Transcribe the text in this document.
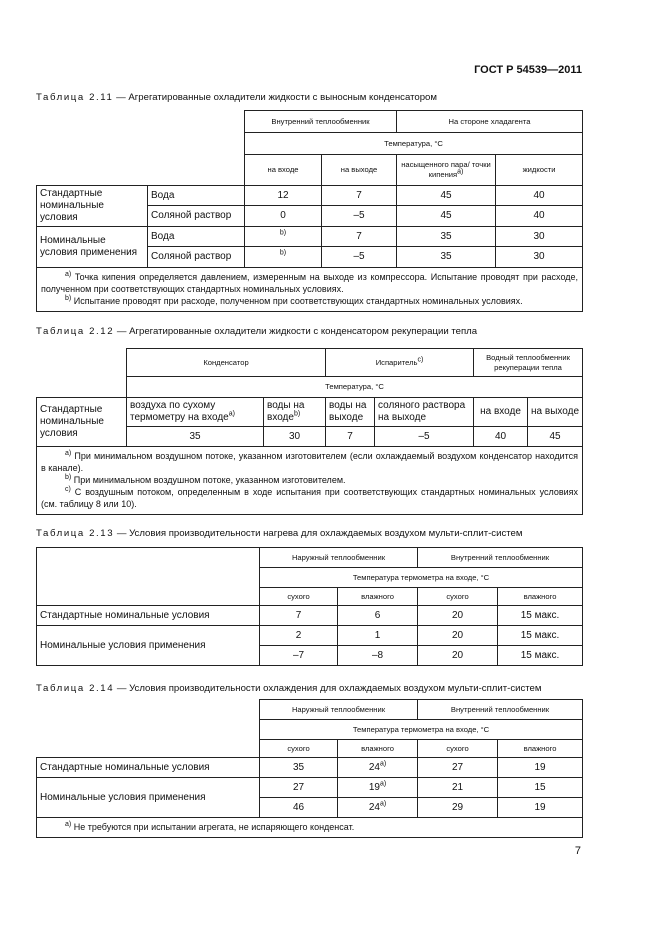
ГОСТ Р 54539—2011
Таблица 2.11 — Агрегатированные охладители жидкости с выносным конденсатором
		Внутренний теплообменник		На стороне хладагента	
		Температура, °С			
		на входе	на выходе	насыщенного пара/ точки кипения$^{а)}$	жидкости
Стандартные номинальные условия	Вода	12	7	45	40
	Соляной раствор	0	–5	45	40
Номинальные условия применения	Вода	$^{b)}$	7	35	30
	Соляной раствор	$^{b)}$	–5	35	30

$^{a)}$ Точка кипения определяется давлением, измеренным на выходе из компрессора. Испытание проводят при расходе, полученном при соответствующих стандартных номинальных условиях.

$^{b)}$ Испытание проводят при расходе, полученном при соответствующих стандартных номинальных условиях.					

Таблица 2.12 — Агрегатированные охладители жидкости с конденсатором рекуперации тепла
	Конденсатор		Испаритель$^{c)}$		Водный теплообменник рекуперации тепла	
	Температура, °С					
Стандартные номинальные условия	воздуха по сухому термометру на входе$^{a)}$	воды на входе$^{b)}$	воды на выходе	соляного раствора на выходе	на входе	на выходе
	35	30	7	–5	40	45

$^{a)}$ При минимальном воздушном потоке, указанном изготовителем (если охлаждаемый воздухом конденсатор находится в канале).

$^{b)}$ При минимальном воздушном потоке, указанном изготовителем.

$^{c)}$ С воздушным потоком, определенным в ходе испытания при соответствующих стандартных номинальных условиях (см. таблицу 8 или 10).						

Таблица 2.13 — Условия производительности нагрева для охлаждаемых воздухом мульти-сплит-систем
	Наружный теплообменник		Внутренний теплообменник	
	Температура термометра на входе, °С			
	сухого	влажного	сухого	влажного
Стандартные номинальные условия	7	6	20	15 макс.
Номинальные условия применения	2	1	20	15 макс.
	–7	–8	20	15 макс.
Таблица 2.14 — Условия производительности охлаждения для охлаждаемых воздухом мульти-сплит-систем
	Наружный теплообменник		Внутренний теплообменник	
	Температура термометра на входе, °С			
	сухого	влажного	сухого	влажного
Стандартные номинальные условия	35	$24^{а)}$	27	19
Номинальные условия применения	27	$19^{а)}$	21	15
	46	$24^{а)}$	29	19

$^{а)}$ Не требуются при испытании агрегата, не испаряющего конденсат.				

7
